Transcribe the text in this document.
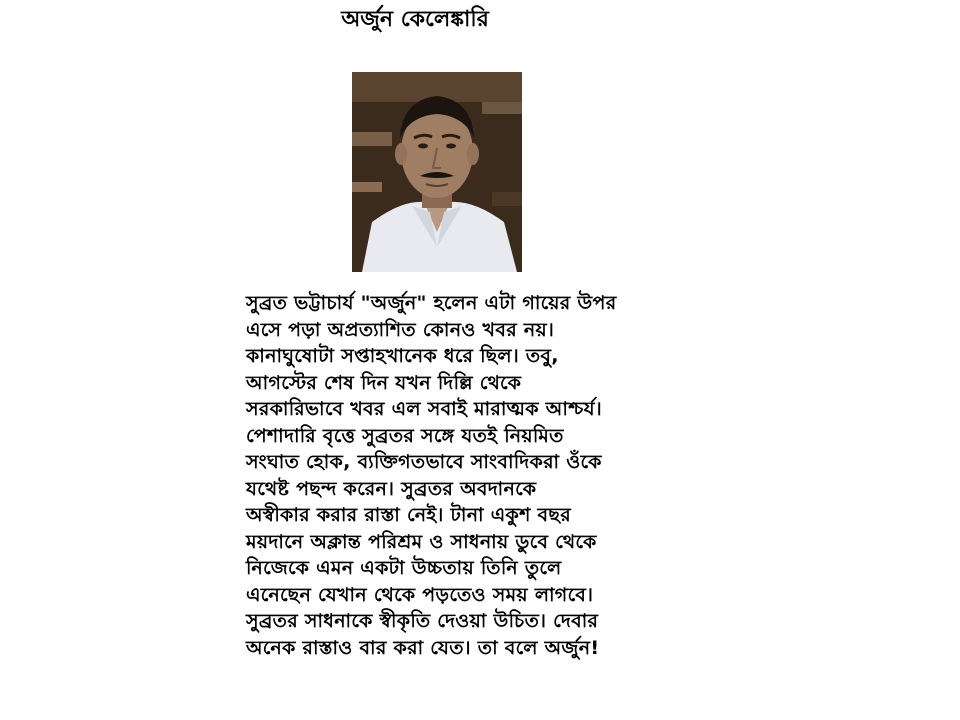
অর্জুন কেলেঙ্কারি
সুব্রত ভট্টাচার্য "অর্জুন" হলেন এটা গায়ের উপর
এসে পড়া অপ্রত্যাশিত কোনও খবর নয়।
কানাঘুষোটা সপ্তাহখানেক ধরে ছিল। তবু,
আগস্টের শেষ দিন যখন দিল্লি থেকে
সরকারিভাবে খবর এল সবাই মারাত্মক আশ্চর্য।
পেশাদারি বৃত্তে সুব্রতর সঙ্গে যতই নিয়মিত
সংঘাত হোক, ব্যক্তিগতভাবে সাংবাদিকরা ওঁকে
যথেষ্ট পছন্দ করেন। সুব্রতর অবদানকে
অস্বীকার করার রাস্তা নেই। টানা একুশ বছর
ময়দানে অক্লান্ত পরিশ্রম ও সাধনায় ডুবে থেকে
নিজেকে এমন একটা উচ্চতায় তিনি তুলে
এনেছেন যেখান থেকে পড়তেও সময় লাগবে।
সুব্রতর সাধনাকে স্বীকৃতি দেওয়া উচিত। দেবার
অনেক রাস্তাও বার করা যেত। তা বলে অর্জুন!
